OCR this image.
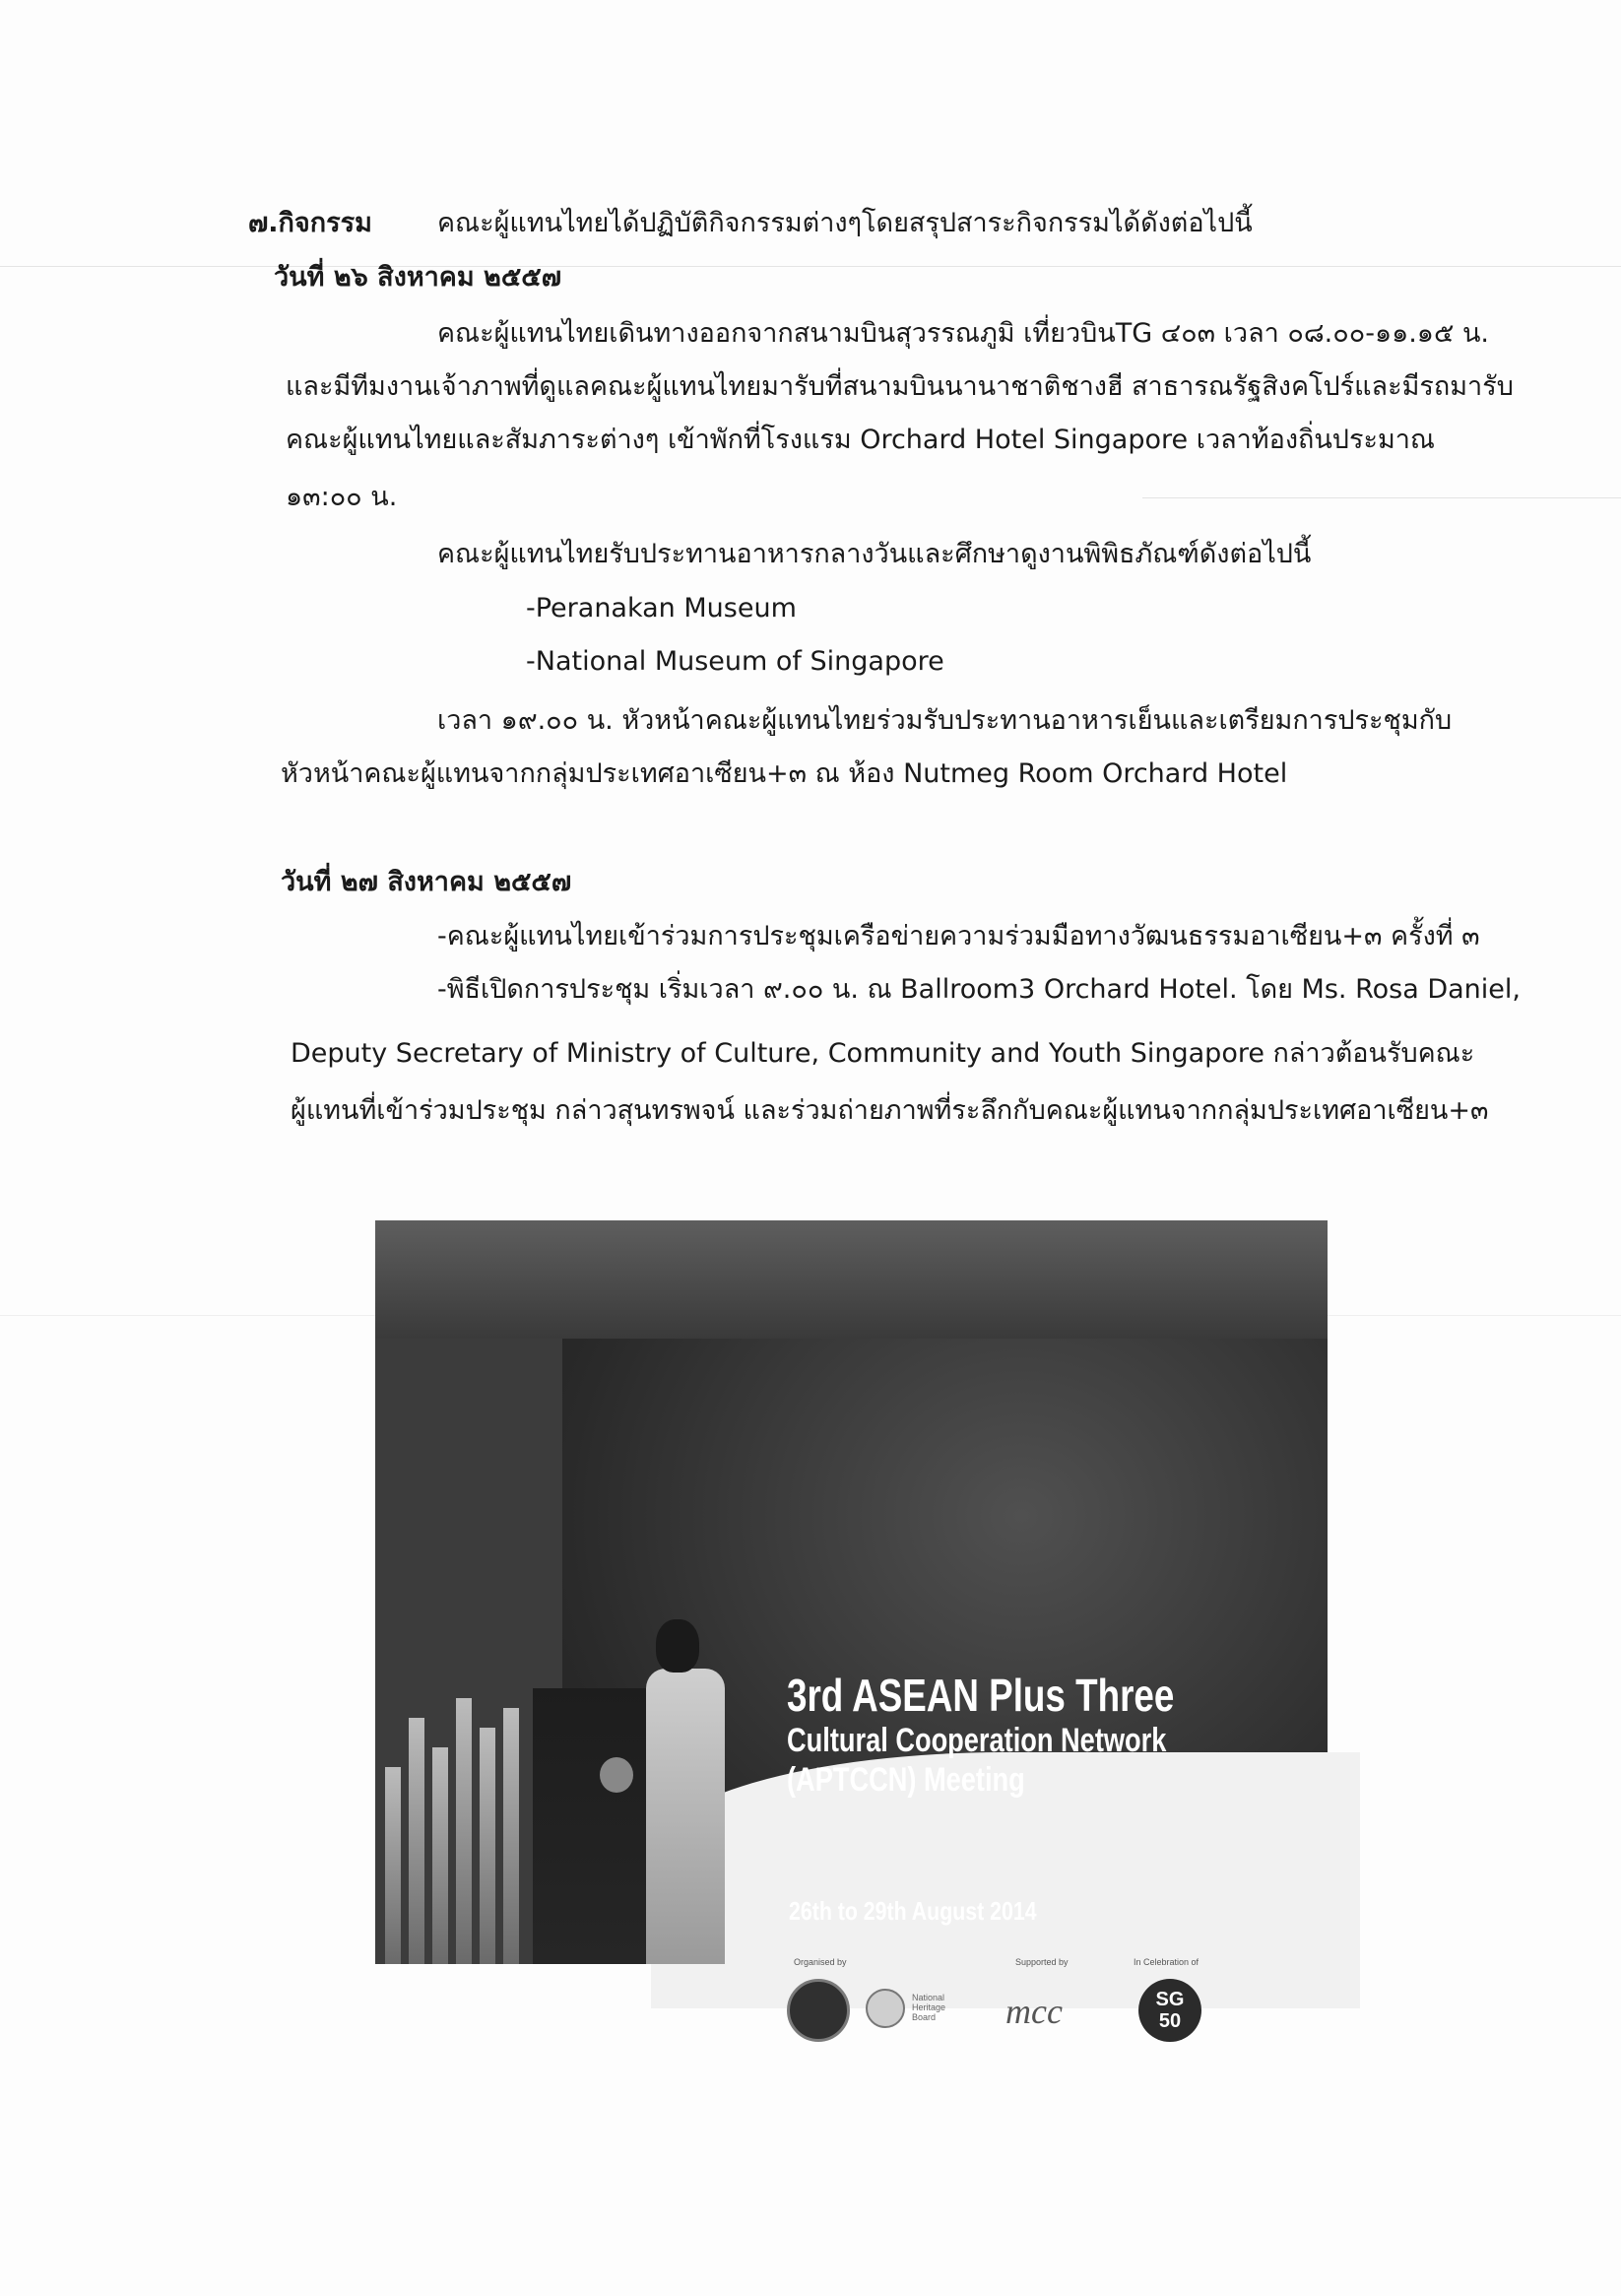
๗.กิจกรรม คณะผู้แทนไทยได้ปฏิบัติกิจกรรมต่างๆโดยสรุปสาระกิจกรรมได้ดังต่อไปนี้
วันที่ ๒๖ สิงหาคม ๒๕๕๗
คณะผู้แทนไทยเดินทางออกจากสนามบินสุวรรณภูมิ เที่ยวบินTG ๔๐๓ เวลา ๐๘.๐๐-๑๑.๑๕ น.
และมีทีมงานเจ้าภาพที่ดูแลคณะผู้แทนไทยมารับที่สนามบินนานาชาติชางฮี สาธารณรัฐสิงคโปร์และมีรถมารับ
คณะผู้แทนไทยและสัมภาระต่างๆ เข้าพักที่โรงแรม Orchard Hotel Singapore เวลาท้องถิ่นประมาณ
๑๓:๐๐ น.
คณะผู้แทนไทยรับประทานอาหารกลางวันและศึกษาดูงานพิพิธภัณฑ์ดังต่อไปนี้
-Peranakan Museum
-National Museum of Singapore
เวลา ๑๙.๐๐ น. หัวหน้าคณะผู้แทนไทยร่วมรับประทานอาหารเย็นและเตรียมการประชุมกับ
หัวหน้าคณะผู้แทนจากกลุ่มประเทศอาเซียน+๓ ณ ห้อง Nutmeg Room Orchard Hotel
วันที่ ๒๗ สิงหาคม ๒๕๕๗
-คณะผู้แทนไทยเข้าร่วมการประชุมเครือข่ายความร่วมมือทางวัฒนธรรมอาเซียน+๓ ครั้งที่ ๓
-พิธีเปิดการประชุม เริ่มเวลา ๙.๐๐ น. ณ Ballroom3 Orchard Hotel. โดย Ms. Rosa Daniel,
Deputy Secretary of Ministry of Culture, Community and Youth Singapore กล่าวต้อนรับคณะ
ผู้แทนที่เข้าร่วมประชุม กล่าวสุนทรพจน์ และร่วมถ่ายภาพที่ระลึกกับคณะผู้แทนจากกลุ่มประเทศอาเซียน+๓
3rd ASEAN Plus Three
Cultural Cooperation Network
(APTCCN) Meeting
26th to 29th August 2014
Organised by	Supported by	In Celebration of
National Heritage Board	mcc	SG
50
